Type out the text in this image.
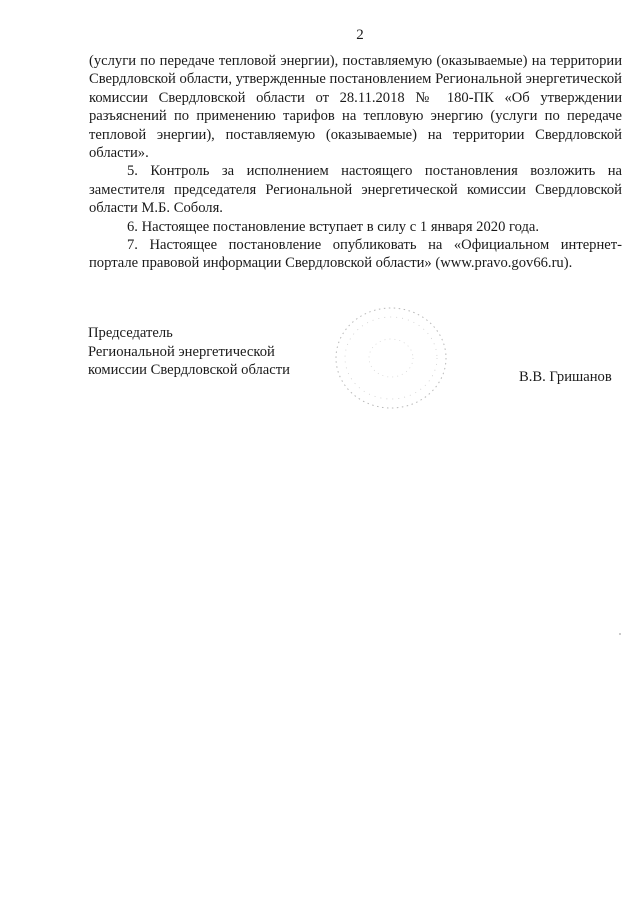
2

(услуги по передаче тепловой энергии), поставляемую (оказываемые) на территории Свердловской области, утвержденные постановлением Региональной энергетической комиссии Свердловской области от 28.11.2018 № 180-ПК «Об утверждении разъяснений по применению тарифов на тепловую энергию (услуги по передаче тепловой энергии), поставляемую (оказываемые) на территории Свердловской области».

5. Контроль за исполнением настоящего постановления возложить на заместителя председателя Региональной энергетической комиссии Свердловской области М.Б. Соболя.

6. Настоящее постановление вступает в силу с 1 января 2020 года.

7. Настоящее постановление опубликовать на «Официальном интернет-портале правовой информации Свердловской области» (www.pravo.gov66.ru).

Председатель
Региональной энергетической
комиссии Свердловской области	В.В. Гришанов
